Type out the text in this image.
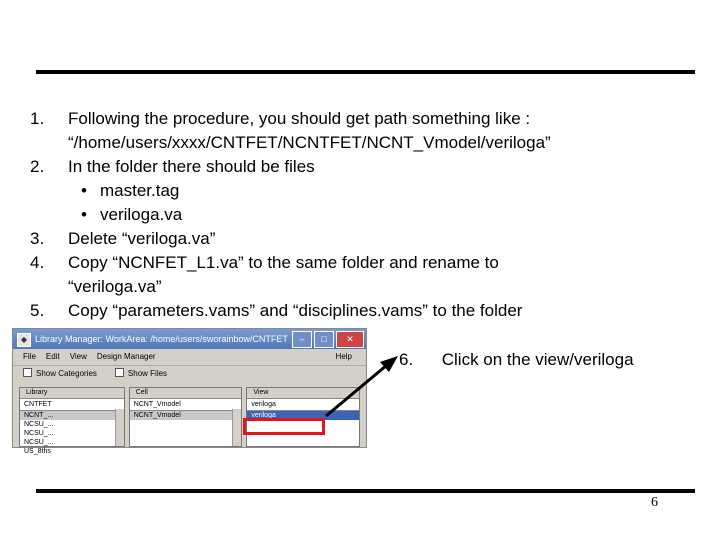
1.	Following the procedure, you should get path something like :
“/home/users/xxxx/CNTFET/NCNTFET/NCNT_Vmodel/veriloga”
2.	In the folder there should be files
• master.tag
• veriloga.va
3.	Delete “veriloga.va”
4.	Copy “NCNFET_L1.va” to the same folder and rename to
“veriloga.va”
5.	Copy “parameters.vams” and “disciplines.vams” to the folder
◆ Library Manager: WorkArea: /home/users/sworainbow/CNTFET	–	□	✕
File Edit View Design Manager	Help
Show Categories	Show Files
Library
CNTFET
NCNT_...
NCSU_...
NCSU_...
NCSU_...
US_8ths
Cell
NCNT_Vmodel
NCNT_Vmodel
View
veriloga
veriloga
6. Click on the view/veriloga
6
